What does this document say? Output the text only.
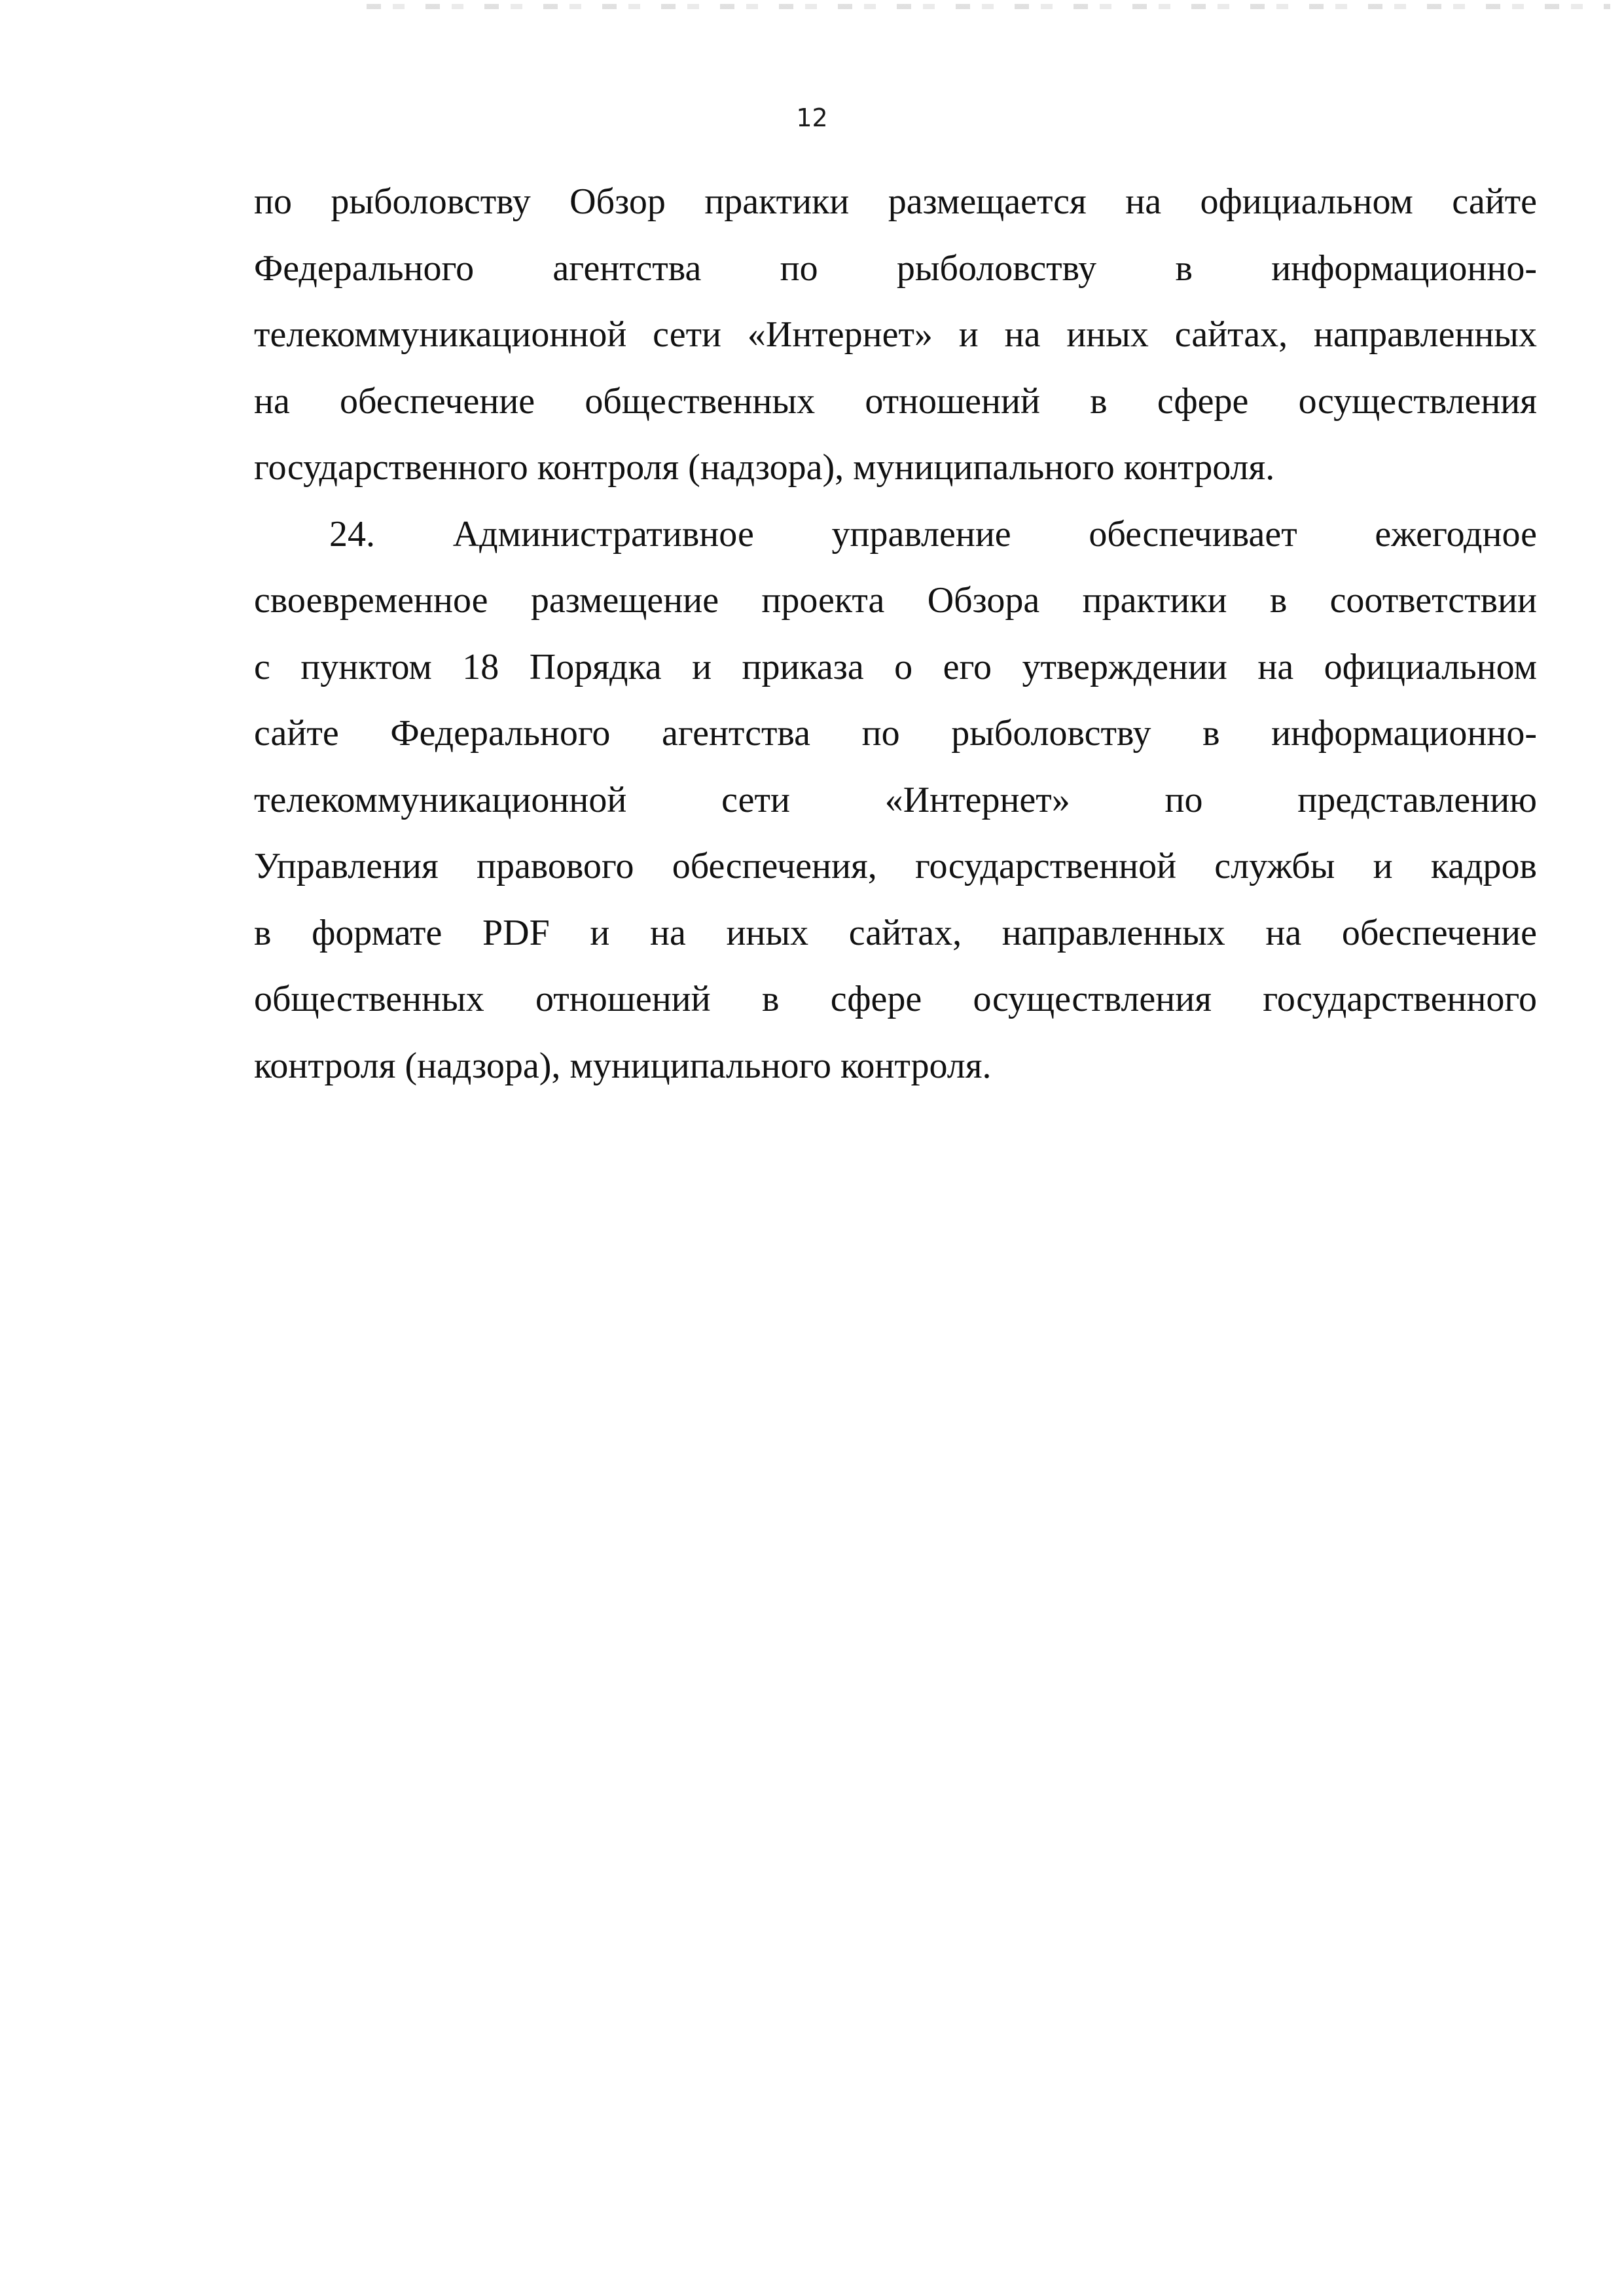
12
по рыболовству Обзор практики размещается на официальном сайте
Федерального агентства по рыболовству в информационно-
телекоммуникационной сети «Интернет» и на иных сайтах, направленных
на обеспечение общественных отношений в сфере осуществления
государственного контроля (надзора), муниципального контроля.
24. Административное управление обеспечивает ежегодное
своевременное размещение проекта Обзора практики в соответствии
с пунктом 18 Порядка и приказа о его утверждении на официальном
сайте Федерального агентства по рыболовству в информационно-
телекоммуникационной сети «Интернет» по представлению
Управления правового обеспечения, государственной службы и кадров
в формате PDF и на иных сайтах, направленных на обеспечение
общественных отношений в сфере осуществления государственного
контроля (надзора), муниципального контроля.
